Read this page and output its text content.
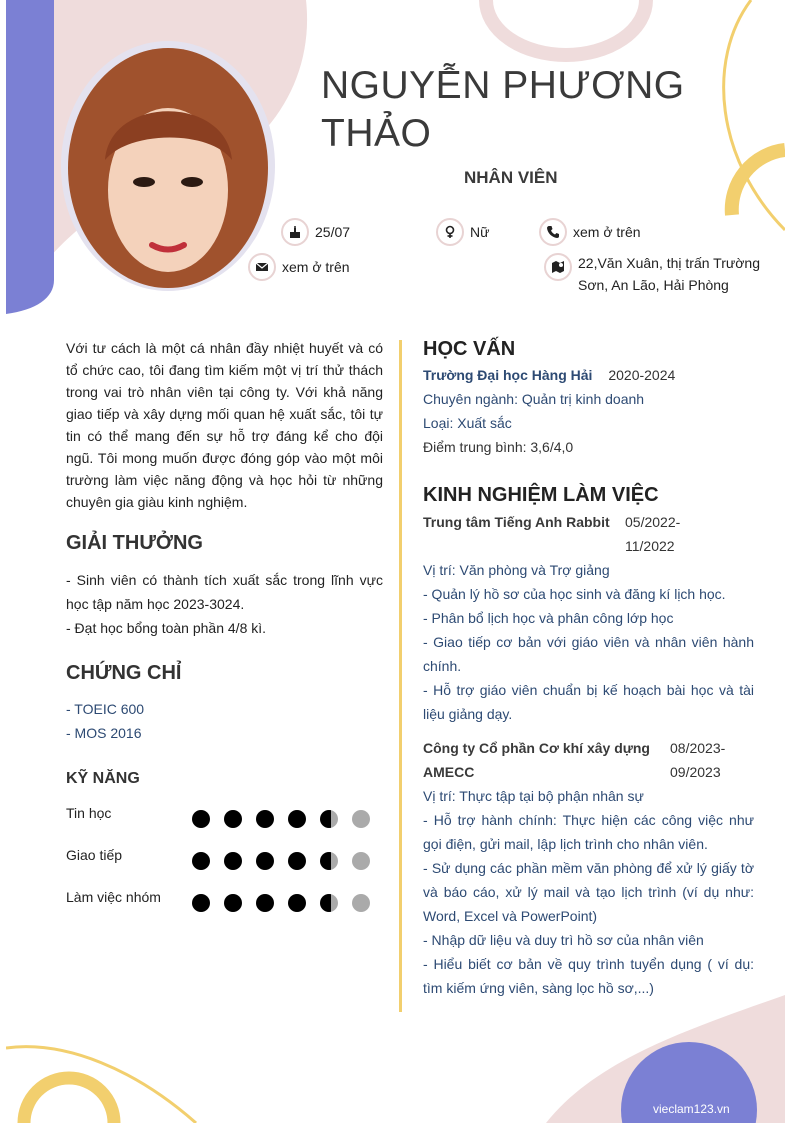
NGUYỄN PHƯƠNG
THẢO
NHÂN VIÊN
25/07	Nữ	xem ở trên
xem ở trên	22,Văn Xuân, thị trấn Trường
Sơn, An Lão, Hải Phòng
Với tư cách là một cá nhân đầy nhiệt huyết và có tổ chức cao, tôi đang tìm kiếm một vị trí thử thách trong vai trò nhân viên tại công ty. Với khả năng giao tiếp và xây dựng mối quan hệ xuất sắc, tôi tự tin có thể mang đến sự hỗ trợ đáng kể cho đội ngũ. Tôi mong muốn được đóng góp vào một môi trường làm việc năng động và học hỏi từ những chuyên gia giàu kinh nghiệm.
GIẢI THƯỞNG
- Sinh viên có thành tích xuất sắc trong lĩnh vực học tập năm học 2023-3024.
- Đạt học bổng toàn phần 4/8 kì.
CHỨNG CHỈ
- TOEIC 600
- MOS 2016
KỸ NĂNG
Tin học
Giao tiếp
Làm việc nhóm
HỌC VẤN
Trường Đại học Hàng Hải 2020-2024
Chuyên ngành: Quản trị kinh doanh
Loại: Xuất sắc
Điểm trung bình: 3,6/4,0
KINH NGHIỆM LÀM VIỆC
Trung tâm Tiếng Anh Rabbit 05/2022-
11/2022
Vị trí: Văn phòng và Trợ giảng
- Quản lý hồ sơ của học sinh và đăng kí lịch học.
- Phân bổ lịch học và phân công lớp học
- Giao tiếp cơ bản với giáo viên và nhân viên hành chính.
- Hỗ trợ giáo viên chuẩn bị kế hoạch bài học và tài liệu giảng dạy.
Công ty Cổ phần Cơ khí xây dựng
AMECC
08/2023-
09/2023
Vị trí: Thực tập tại bộ phận nhân sự
- Hỗ trợ hành chính: Thực hiện các công việc như gọi điện, gửi mail, lập lịch trình cho nhân viên.
- Sử dụng các phần mềm văn phòng để xử lý giấy tờ và báo cáo, xử lý mail và tạo lịch trình (ví dụ như: Word, Excel và PowerPoint)
- Nhập dữ liệu và duy trì hồ sơ của nhân viên
- Hiểu biết cơ bản về quy trình tuyển dụng ( ví dụ: tìm kiếm ứng viên, sàng lọc hồ sơ,...)
vieclam123.vn
